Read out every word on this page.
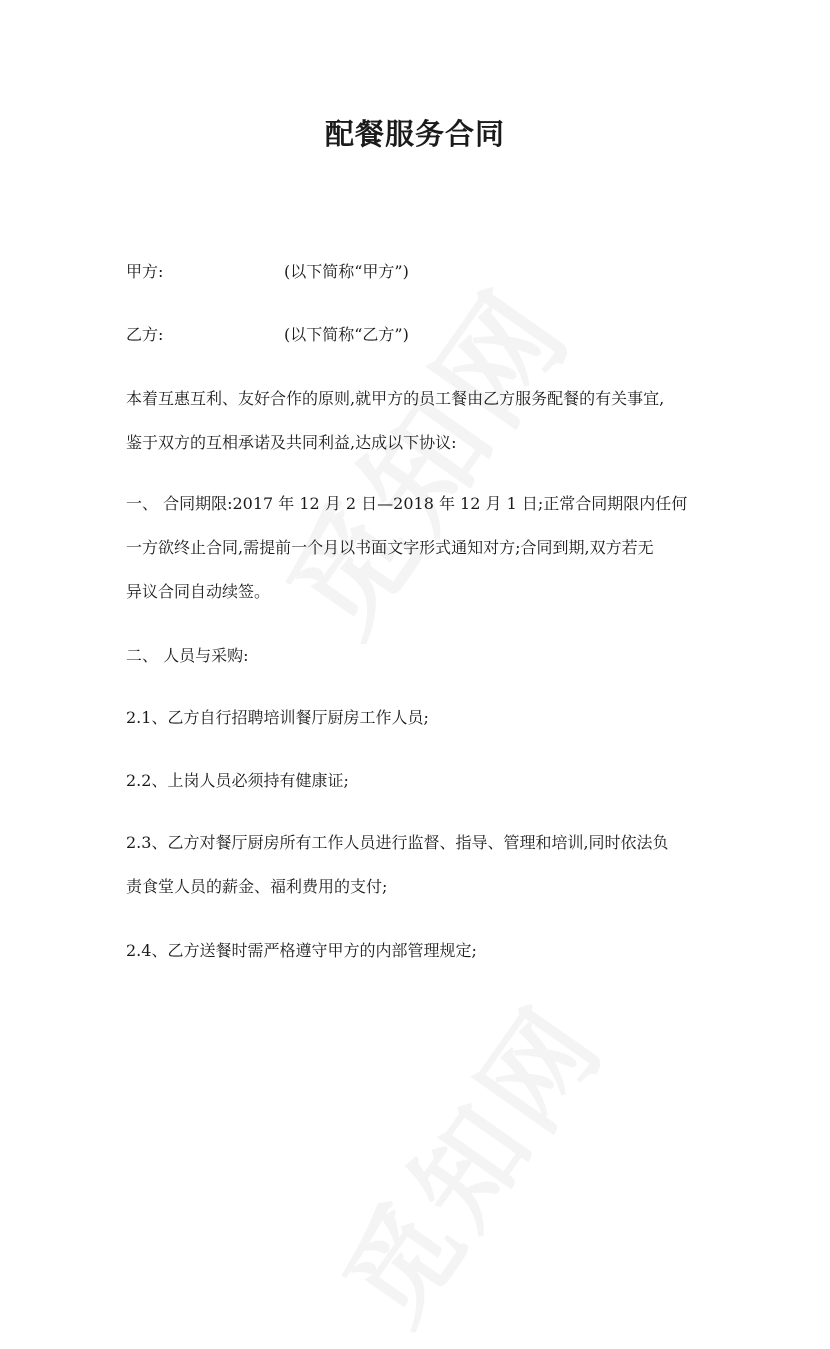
配餐服务合同
甲方:	(以下简称“甲方”)
乙方:	(以下简称“乙方”)
本着互惠互利、友好合作的原则,就甲方的员工餐由乙方服务配餐的有关事宜,
鉴于双方的互相承诺及共同利益,达成以下协议:
一、 合同期限:2017 年 12 月 2 日—2018 年 12 月 1 日;正常合同期限内任何
一方欲终止合同,需提前一个月以书面文字形式通知对方;合同到期,双方若无
异议合同自动续签。
二、 人员与采购:
2.1、乙方自行招聘培训餐厅厨房工作人员;
2.2、上岗人员必须持有健康证;
2.3、乙方对餐厅厨房所有工作人员进行监督、指导、管理和培训,同时依法负
责食堂人员的薪金、福利费用的支付;
2.4、乙方送餐时需严格遵守甲方的内部管理规定;
